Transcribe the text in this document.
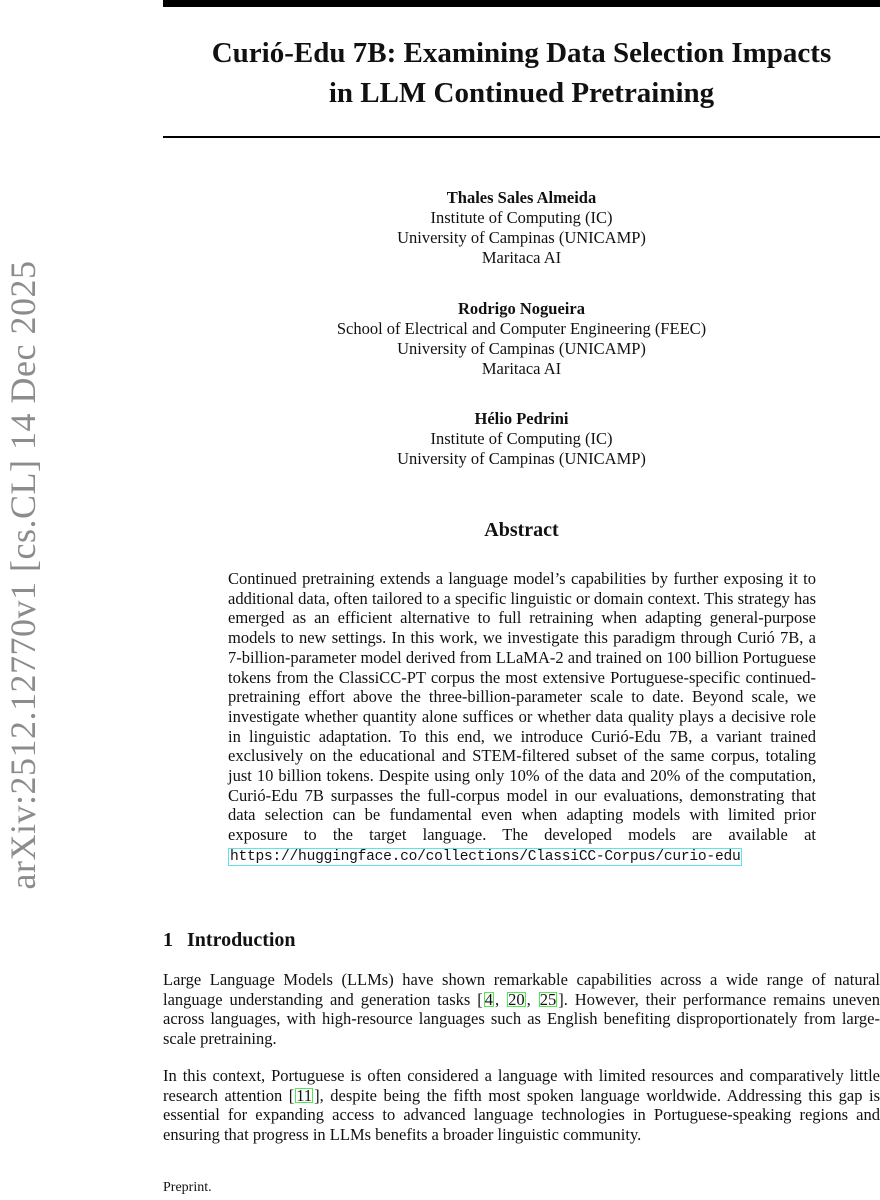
arXiv:2512.12770v1 [cs.CL] 14 Dec 2025
Curió-Edu 7B: Examining Data Selection Impacts
in LLM Continued Pretraining
Thales Sales Almeida
Institute of Computing (IC)
University of Campinas (UNICAMP)
Maritaca AI
Rodrigo Nogueira
School of Electrical and Computer Engineering (FEEC)
University of Campinas (UNICAMP)
Maritaca AI
Hélio Pedrini
Institute of Computing (IC)
University of Campinas (UNICAMP)
Abstract

Continued pretraining extends a language model’s capabilities by further exposing it to additional data, often tailored to a specific linguistic or domain context. This strategy has emerged as an efficient alternative to full retraining when adapting general-purpose models to new settings. In this work, we investigate this paradigm through Curió 7B, a 7-billion-parameter model derived from LLaMA-2 and trained on 100 billion Portuguese tokens from the ClassiCC-PT corpus the most extensive Portuguese-specific continued-pretraining effort above the three-billion-parameter scale to date. Beyond scale, we investigate whether quantity alone suffices or whether data quality plays a decisive role in linguistic adaptation. To this end, we introduce Curió-Edu 7B, a variant trained exclusively on the educational and STEM-filtered subset of the same corpus, totaling just 10 billion tokens. Despite using only 10% of the data and 20% of the computation, Curió-Edu 7B surpasses the full-corpus model in our evaluations, demonstrating that data selection can be fundamental even when adapting models with limited prior exposure to the target language. The developed models are available at https://huggingface.co/collections/ClassiCC-Corpus/curio-edu

1 Introduction

Large Language Models (LLMs) have shown remarkable capabilities across a wide range of natural language understanding and generation tasks [ 4 , 20 , 25 ]. However, their performance remains uneven across languages, with high-resource languages such as English benefiting disproportionately from large-scale pretraining.

In this context, Portuguese is often considered a language with limited resources and comparatively little research attention [ 11 ], despite being the fifth most spoken language worldwide. Addressing this gap is essential for expanding access to advanced language technologies in Portuguese-speaking regions and ensuring that progress in LLMs benefits a broader linguistic community.

Preprint.
